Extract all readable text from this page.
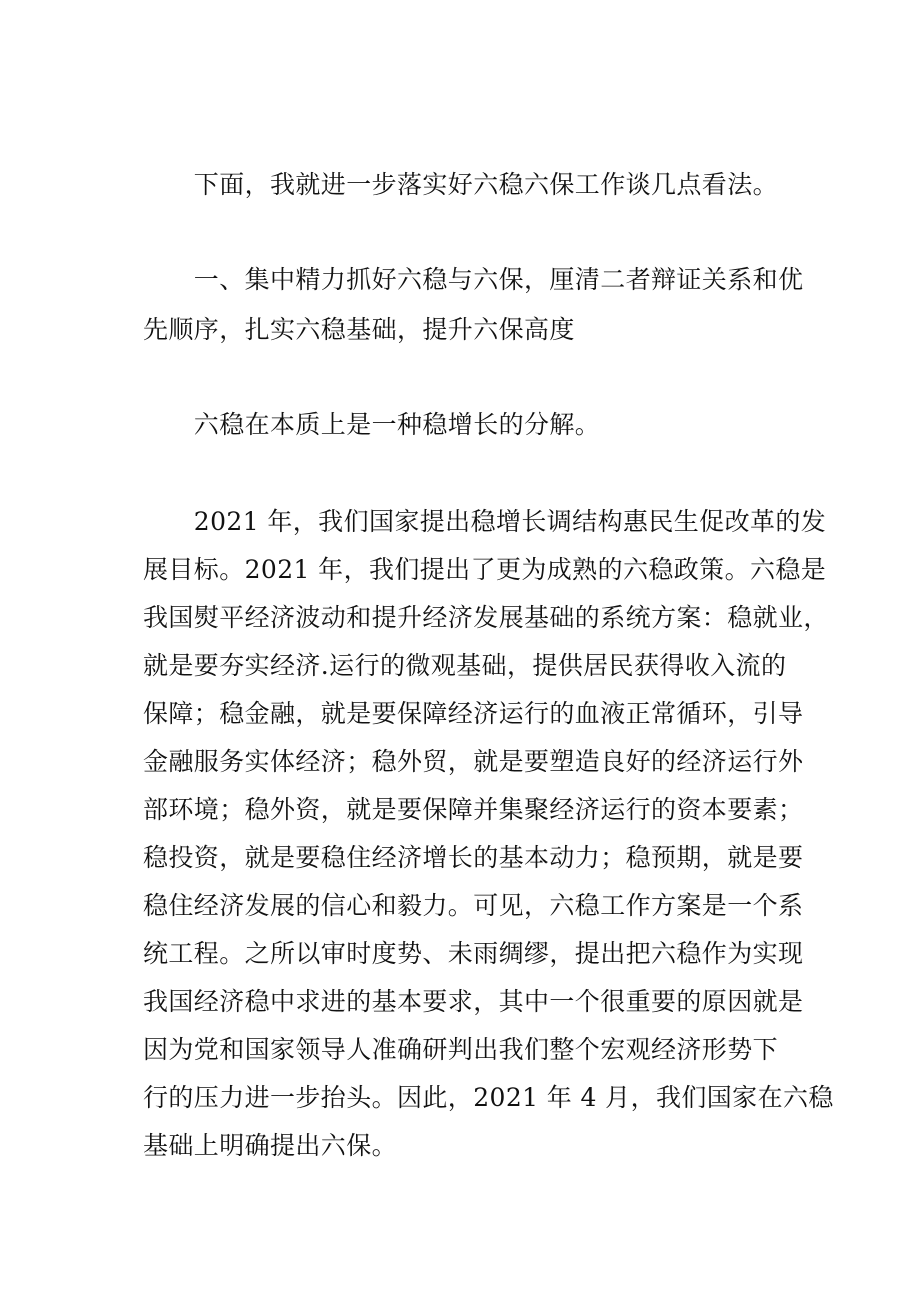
　　下面，我就进一步落实好六稳六保工作谈几点看法。
　　一、集中精力抓好六稳与六保，厘清二者辩证关系和优
先顺序，扎实六稳基础，提升六保高度
　　六稳在本质上是一种稳增长的分解。
　　2021 年，我们国家提出稳增长调结构惠民生促改革的发
展目标。2021 年，我们提出了更为成熟的六稳政策。六稳是
我国熨平经济波动和提升经济发展基础的系统方案：稳就业，
就是要夯实经济.运行的微观基础，提供居民获得收入流的
保障；稳金融，就是要保障经济运行的血液正常循环，引导
金融服务实体经济；稳外贸，就是要塑造良好的经济运行外
部环境；稳外资，就是要保障并集聚经济运行的资本要素；
稳投资，就是要稳住经济增长的基本动力；稳预期，就是要
稳住经济发展的信心和毅力。可见，六稳工作方案是一个系
统工程。之所以审时度势、未雨绸缪，提出把六稳作为实现
我国经济稳中求进的基本要求，其中一个很重要的原因就是
因为党和国家领导人准确研判出我们整个宏观经济形势下
行的压力进一步抬头。因此，2021 年 4 月，我们国家在六稳
基础上明确提出六保。
